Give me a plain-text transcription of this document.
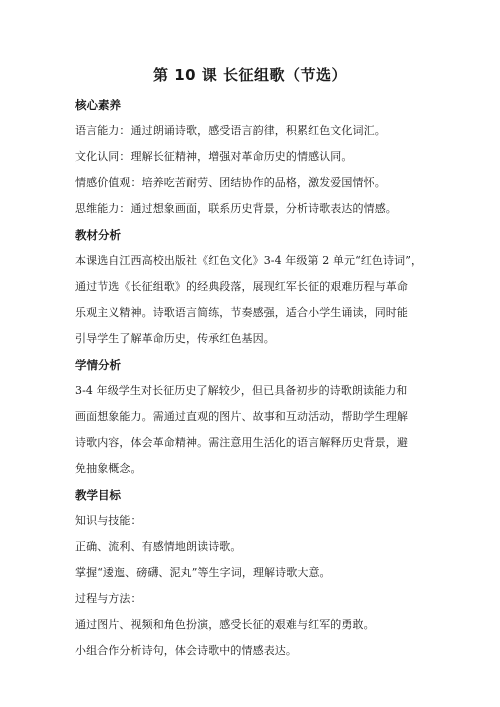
第 10 课 长征组歌（节选）
核心素养
语言能力：通过朗诵诗歌，感受语言韵律，积累红色文化词汇。
文化认同：理解长征精神，增强对革命历史的情感认同。
情感价值观：培养吃苦耐劳、团结协作的品格，激发爱国情怀。
思维能力：通过想象画面，联系历史背景，分析诗歌表达的情感。
教材分析
本课选自江西高校出版社《红色文化》3-4 年级第 2 单元“红色诗词”，
通过节选《长征组歌》的经典段落，展现红军长征的艰难历程与革命
乐观主义精神。诗歌语言简练，节奏感强，适合小学生诵读，同时能
引导学生了解革命历史，传承红色基因。
学情分析
3-4 年级学生对长征历史了解较少，但已具备初步的诗歌朗读能力和
画面想象能力。需通过直观的图片、故事和互动活动，帮助学生理解
诗歌内容，体会革命精神。需注意用生活化的语言解释历史背景，避
免抽象概念。
教学目标
知识与技能：
正确、流利、有感情地朗读诗歌。
掌握“逶迤、磅礴、泥丸”等生字词，理解诗歌大意。
过程与方法：
通过图片、视频和角色扮演，感受长征的艰难与红军的勇敢。
小组合作分析诗句，体会诗歌中的情感表达。
